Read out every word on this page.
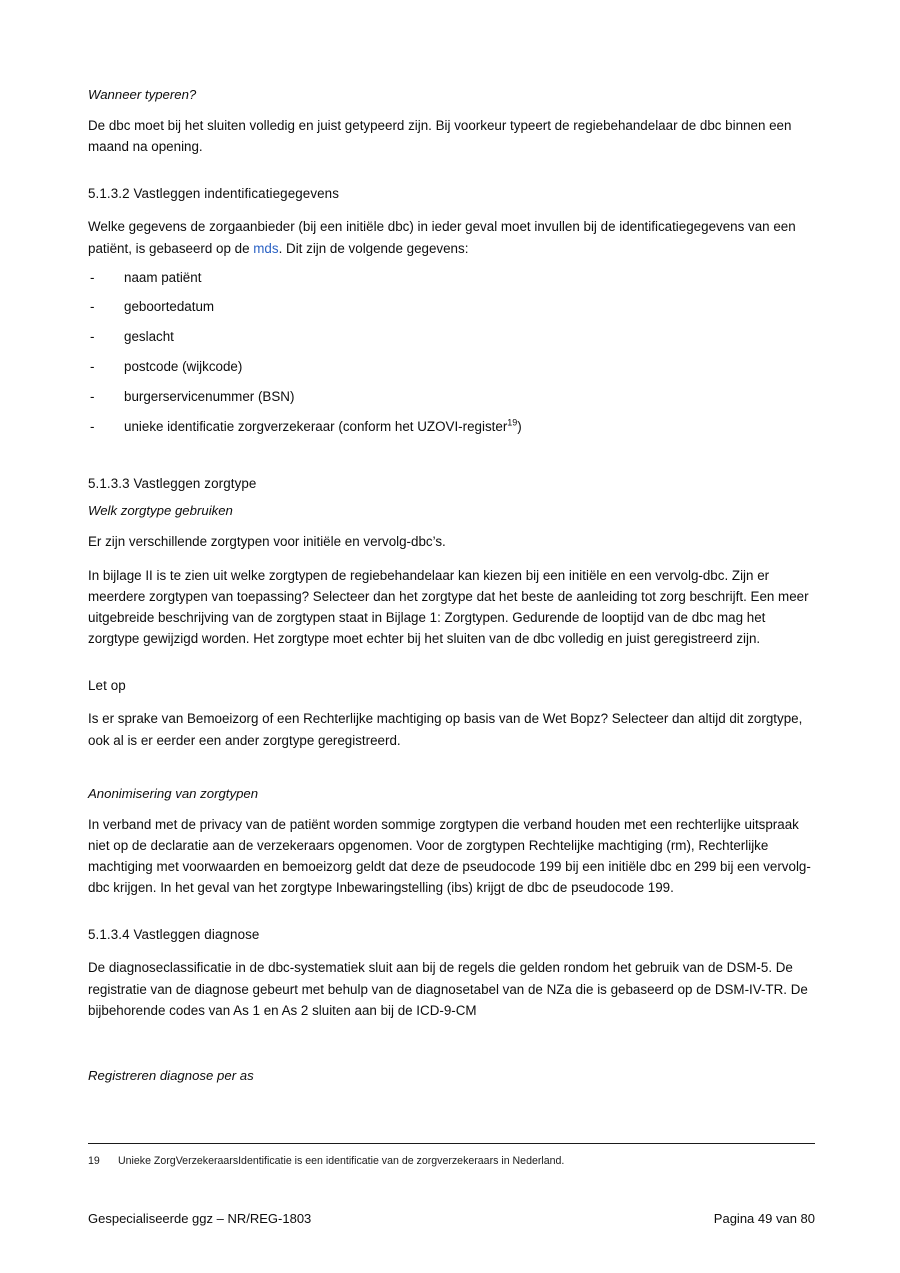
Wanneer typeren?

De dbc moet bij het sluiten volledig en juist getypeerd zijn. Bij voorkeur typeert de regiebehandelaar de dbc binnen een maand na opening.

5.1.3.2 Vastleggen indentificatiegegevens

Welke gegevens de zorgaanbieder (bij een initiële dbc) in ieder geval moet invullen bij de identificatiegegevens van een patiënt, is gebaseerd op de mds. Dit zijn de volgende gegevens:

- naam patiënt
- geboortedatum
- geslacht
- postcode (wijkcode)
- burgerservicenummer (BSN)
- unieke identificatie zorgverzekeraar (conform het UZOVI-register$^{19}$)
5.1.3.3 Vastleggen zorgtype
Welk zorgtype gebruiken

Er zijn verschillende zorgtypen voor initiële en vervolg-dbc’s.

In bijlage II is te zien uit welke zorgtypen de regiebehandelaar kan kiezen bij een initiële en een vervolg-dbc. Zijn er meerdere zorgtypen van toepassing? Selecteer dan het zorgtype dat het beste de aanleiding tot zorg beschrijft. Een meer uitgebreide beschrijving van de zorgtypen staat in Bijlage 1: Zorgtypen. Gedurende de looptijd van de dbc mag het zorgtype gewijzigd worden. Het zorgtype moet echter bij het sluiten van de dbc volledig en juist geregistreerd zijn.

Let op

Is er sprake van Bemoeizorg of een Rechterlijke machtiging op basis van de Wet Bopz? Selecteer dan altijd dit zorgtype, ook al is er eerder een ander zorgtype geregistreerd.

Anonimisering van zorgtypen

In verband met de privacy van de patiënt worden sommige zorgtypen die verband houden met een rechterlijke uitspraak niet op de declaratie aan de verzekeraars opgenomen. Voor de zorgtypen Rechtelijke machtiging (rm), Rechterlijke machtiging met voorwaarden en bemoeizorg geldt dat deze de pseudocode 199 bij een initiële dbc en 299 bij een vervolg-dbc krijgen. In het geval van het zorgtype Inbewaringstelling (ibs) krijgt de dbc de pseudocode 199.

5.1.3.4 Vastleggen diagnose

De diagnoseclassificatie in de dbc-systematiek sluit aan bij de regels die gelden rondom het gebruik van de DSM-5. De registratie van de diagnose gebeurt met behulp van de diagnosetabel van de NZa die is gebaseerd op de DSM-IV-TR. De bijbehorende codes van As 1 en As 2 sluiten aan bij de ICD-9-CM

Registreren diagnose per as
19 Unieke ZorgVerzekeraarsIdentificatie is een identificatie van de zorgverzekeraars in Nederland.
Gespecialiseerde ggz – NR/REG-1803	Pagina 49 van 80
